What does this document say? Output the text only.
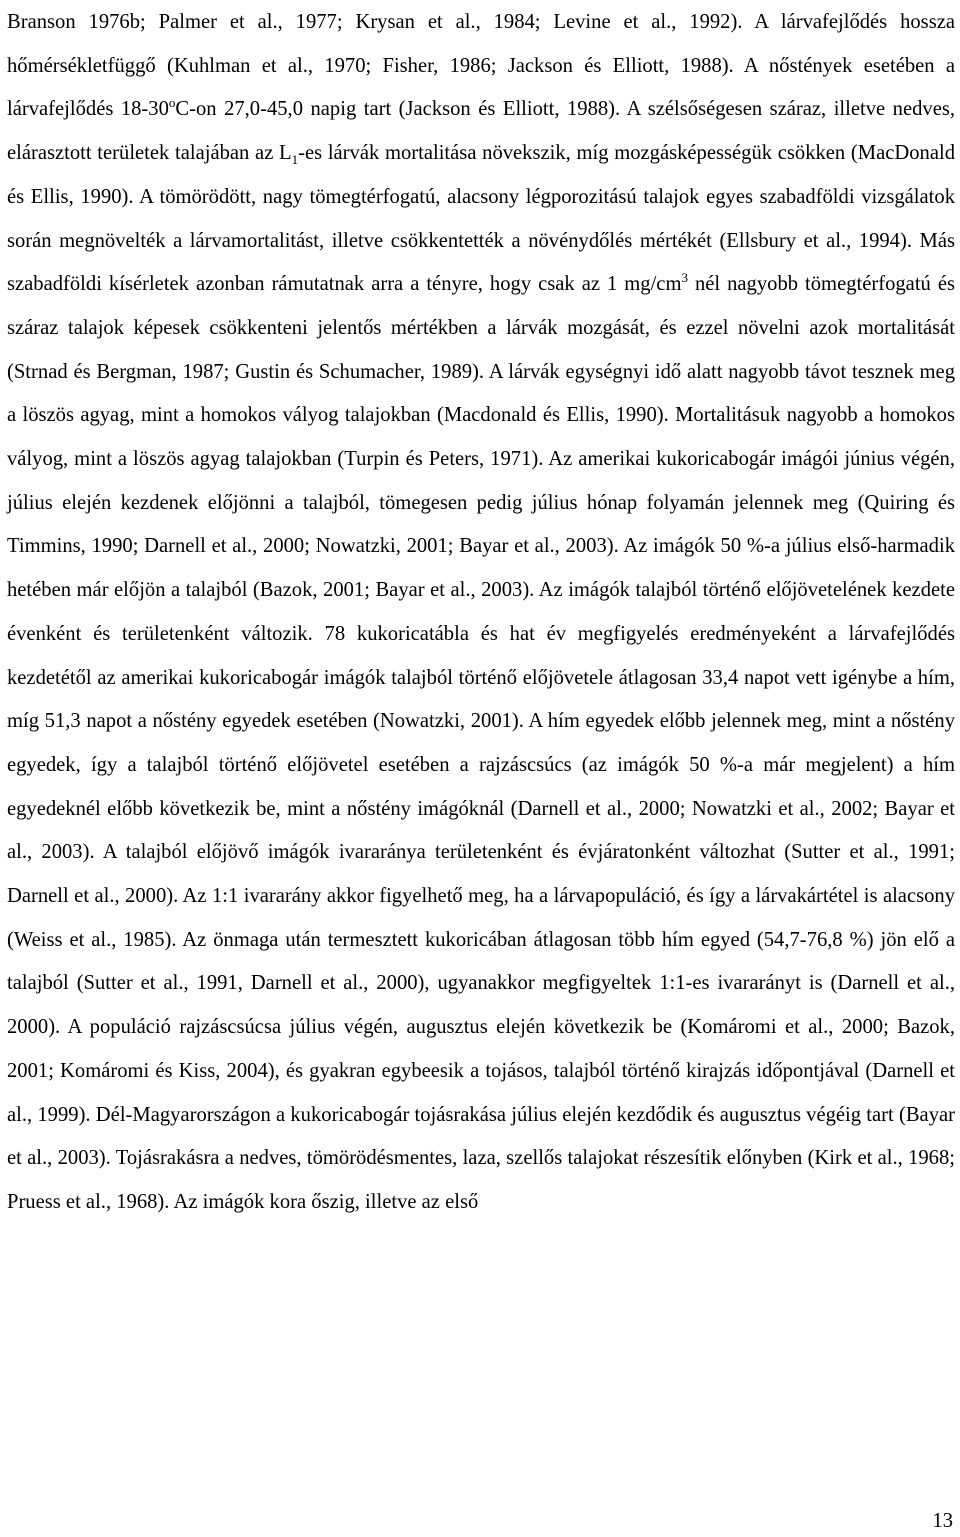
Branson 1976b; Palmer et al., 1977; Krysan et al., 1984; Levine et al., 1992). A lárvafejlődés hossza hőmérsékletfüggő (Kuhlman et al., 1970; Fisher, 1986; Jackson és Elliott, 1988). A nőstények esetében a lárvafejlődés 18-30$^o$C-on 27,0-45,0 napig tart (Jackson és Elliott, 1988). A szélsőségesen száraz, illetve nedves, elárasztott területek talajában az $L_1-es$ lárvák mortalitása növekszik, míg mozgásképességük csökken (MacDonald és Ellis, 1990). A tömörödött, nagy tömegtérfogatú, alacsony légporozitású talajok egyes szabadföldi vizsgálatok során megnövelték a lárvamortalitást, illetve csökkentették a növénydőlés mértékét (Ellsbury et al., 1994). Más szabadföldi kísérletek azonban rámutatnak arra a tényre, hogy csak az 1 $mg/cm^3$ nél nagyobb tömegtérfogatú és száraz talajok képesek csökkenteni jelentős mértékben a lárvák mozgását, és ezzel növelni azok mortalitását (Strnad és Bergman, 1987; Gustin és Schumacher, 1989). A lárvák egységnyi idő alatt nagyobb távot tesznek meg a löszös agyag, mint a homokos vályog talajokban (Macdonald és Ellis, 1990). Mortalitásuk nagyobb a homokos vályog, mint a löszös agyag talajokban (Turpin és Peters, 1971). Az amerikai kukoricabogár imágói június végén, július elején kezdenek előjönni a talajból, tömegesen pedig július hónap folyamán jelennek meg (Quiring és Timmins, 1990; Darnell et al., 2000; Nowatzki, 2001; Bayar et al., 2003). Az imágók 50 %-a július első-harmadik hetében már előjön a talajból (Bazok, 2001; Bayar et al., 2003). Az imágók talajból történő előjövetelének kezdete évenként és területenként változik. 78 kukoricatábla és hat év megfigyelés eredményeként a lárvafejlődés kezdetétől az amerikai kukoricabogár imágók talajból történő előjövetele átlagosan 33,4 napot vett igénybe a hím, míg 51,3 napot a nőstény egyedek esetében (Nowatzki, 2001). A hím egyedek előbb jelennek meg, mint a nőstény egyedek, így a talajból történő előjövetel esetében a rajzáscsúcs (az imágók 50 %-a már megjelent) a hím egyedeknél előbb következik be, mint a nőstény imágóknál (Darnell et al., 2000; Nowatzki et al., 2002; Bayar et al., 2003). A talajból előjövő imágók ivararánya területenként és évjáratonként változhat (Sutter et al., 1991; Darnell et al., 2000). Az 1:1 ivararány akkor figyelhető meg, ha a lárvapopuláció, és így a lárvakártétel is alacsony (Weiss et al., 1985). Az önmaga után termesztett kukoricában átlagosan több hím egyed (54,7-76,8 %) jön elő a talajból (Sutter et al., 1991, Darnell et al., 2000), ugyanakkor megfigyeltek 1:1-es ivararányt is (Darnell et al., 2000). A populáció rajzáscsúcsa július végén, augusztus elején következik be (Komáromi et al., 2000; Bazok, 2001; Komáromi és Kiss, 2004), és gyakran egybeesik a tojásos, talajból történő kirajzás időpontjával (Darnell et al., 1999). Dél-Magyarországon a kukoricabogár tojásrakása július elején kezdődik és augusztus végéig tart (Bayar et al., 2003). Tojásrakásra a nedves, tömörödésmentes, laza, szellős talajokat részesítik előnyben (Kirk et al., 1968; Pruess et al., 1968). Az imágók kora őszig, illetve az első

13
